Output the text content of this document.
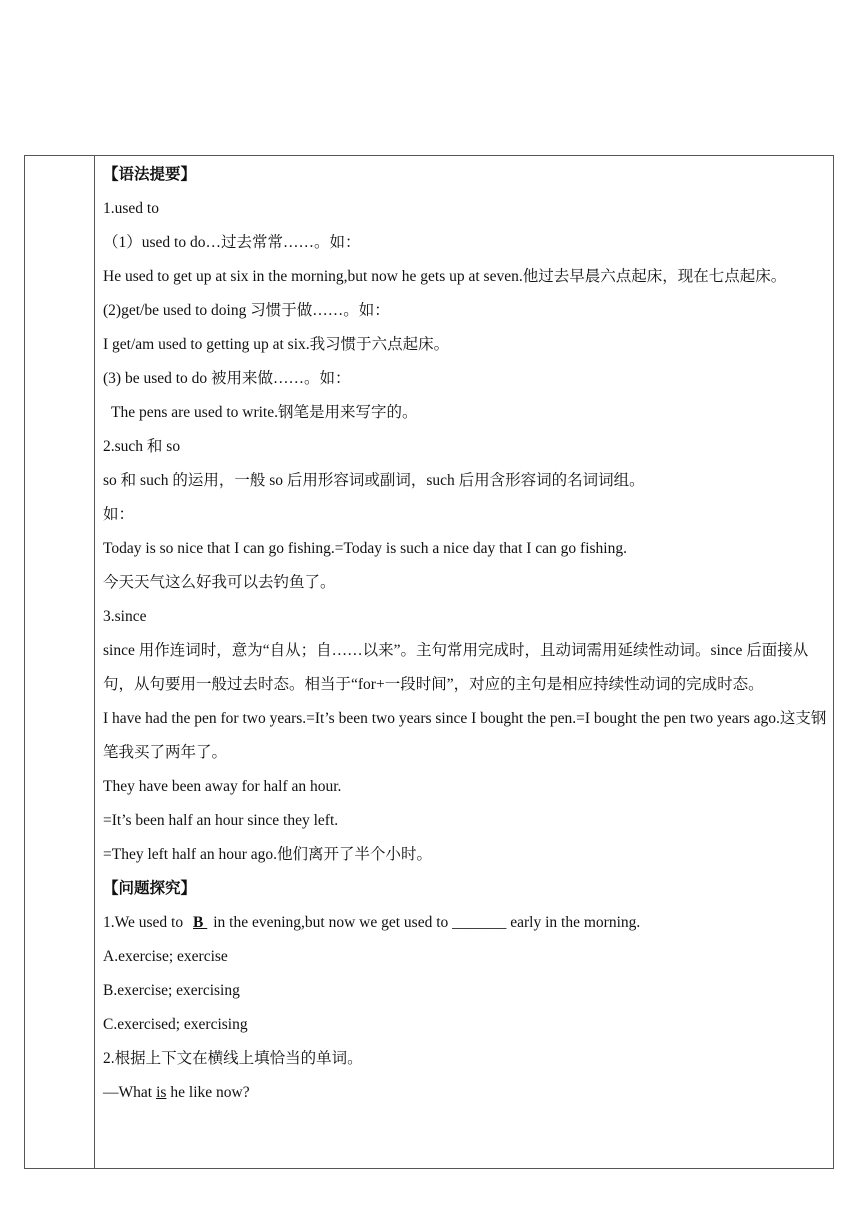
【语法提要】
1.used to
（1）used to do…过去常常……。如：
He used to get up at six in the morning,but now he gets up at seven.他过去早晨六点起床，现在七点起床。
(2)get/be used to doing 习惯于做……。如：
I get/am used to getting up at six.我习惯于六点起床。
(3) be used to do 被用来做……。如：
The pens are used to write.钢笔是用来写字的。
2.such 和 so
so 和 such 的运用，一般 so 后用形容词或副词，such 后用含形容词的名词词组。
如：
Today is so nice that I can go fishing.=Today is such a nice day that I can go fishing.
今天天气这么好我可以去钓鱼了。
3.since
since 用作连词时，意为“自从；自……以来”。主句常用完成时，且动词需用延续性动词。since 后面接从句，从句要用一般过去时态。相当于“for+一段时间”，对应的主句是相应持续性动词的完成时态。
I have had the pen for two years.=It’s been two years since I bought the pen.=I bought the pen two years ago.这支钢笔我买了两年了。
They have been away for half an hour.
=It’s been half an hour since they left.
=They left half an hour ago.他们离开了半个小时。
【问题探究】
1.We used to B in the evening,but now we get used to _______ early in the morning.
A.exercise; exercise
B.exercise; exercising
C.exercised; exercising
2.根据上下文在横线上填恰当的单词。
—What is he like now?
